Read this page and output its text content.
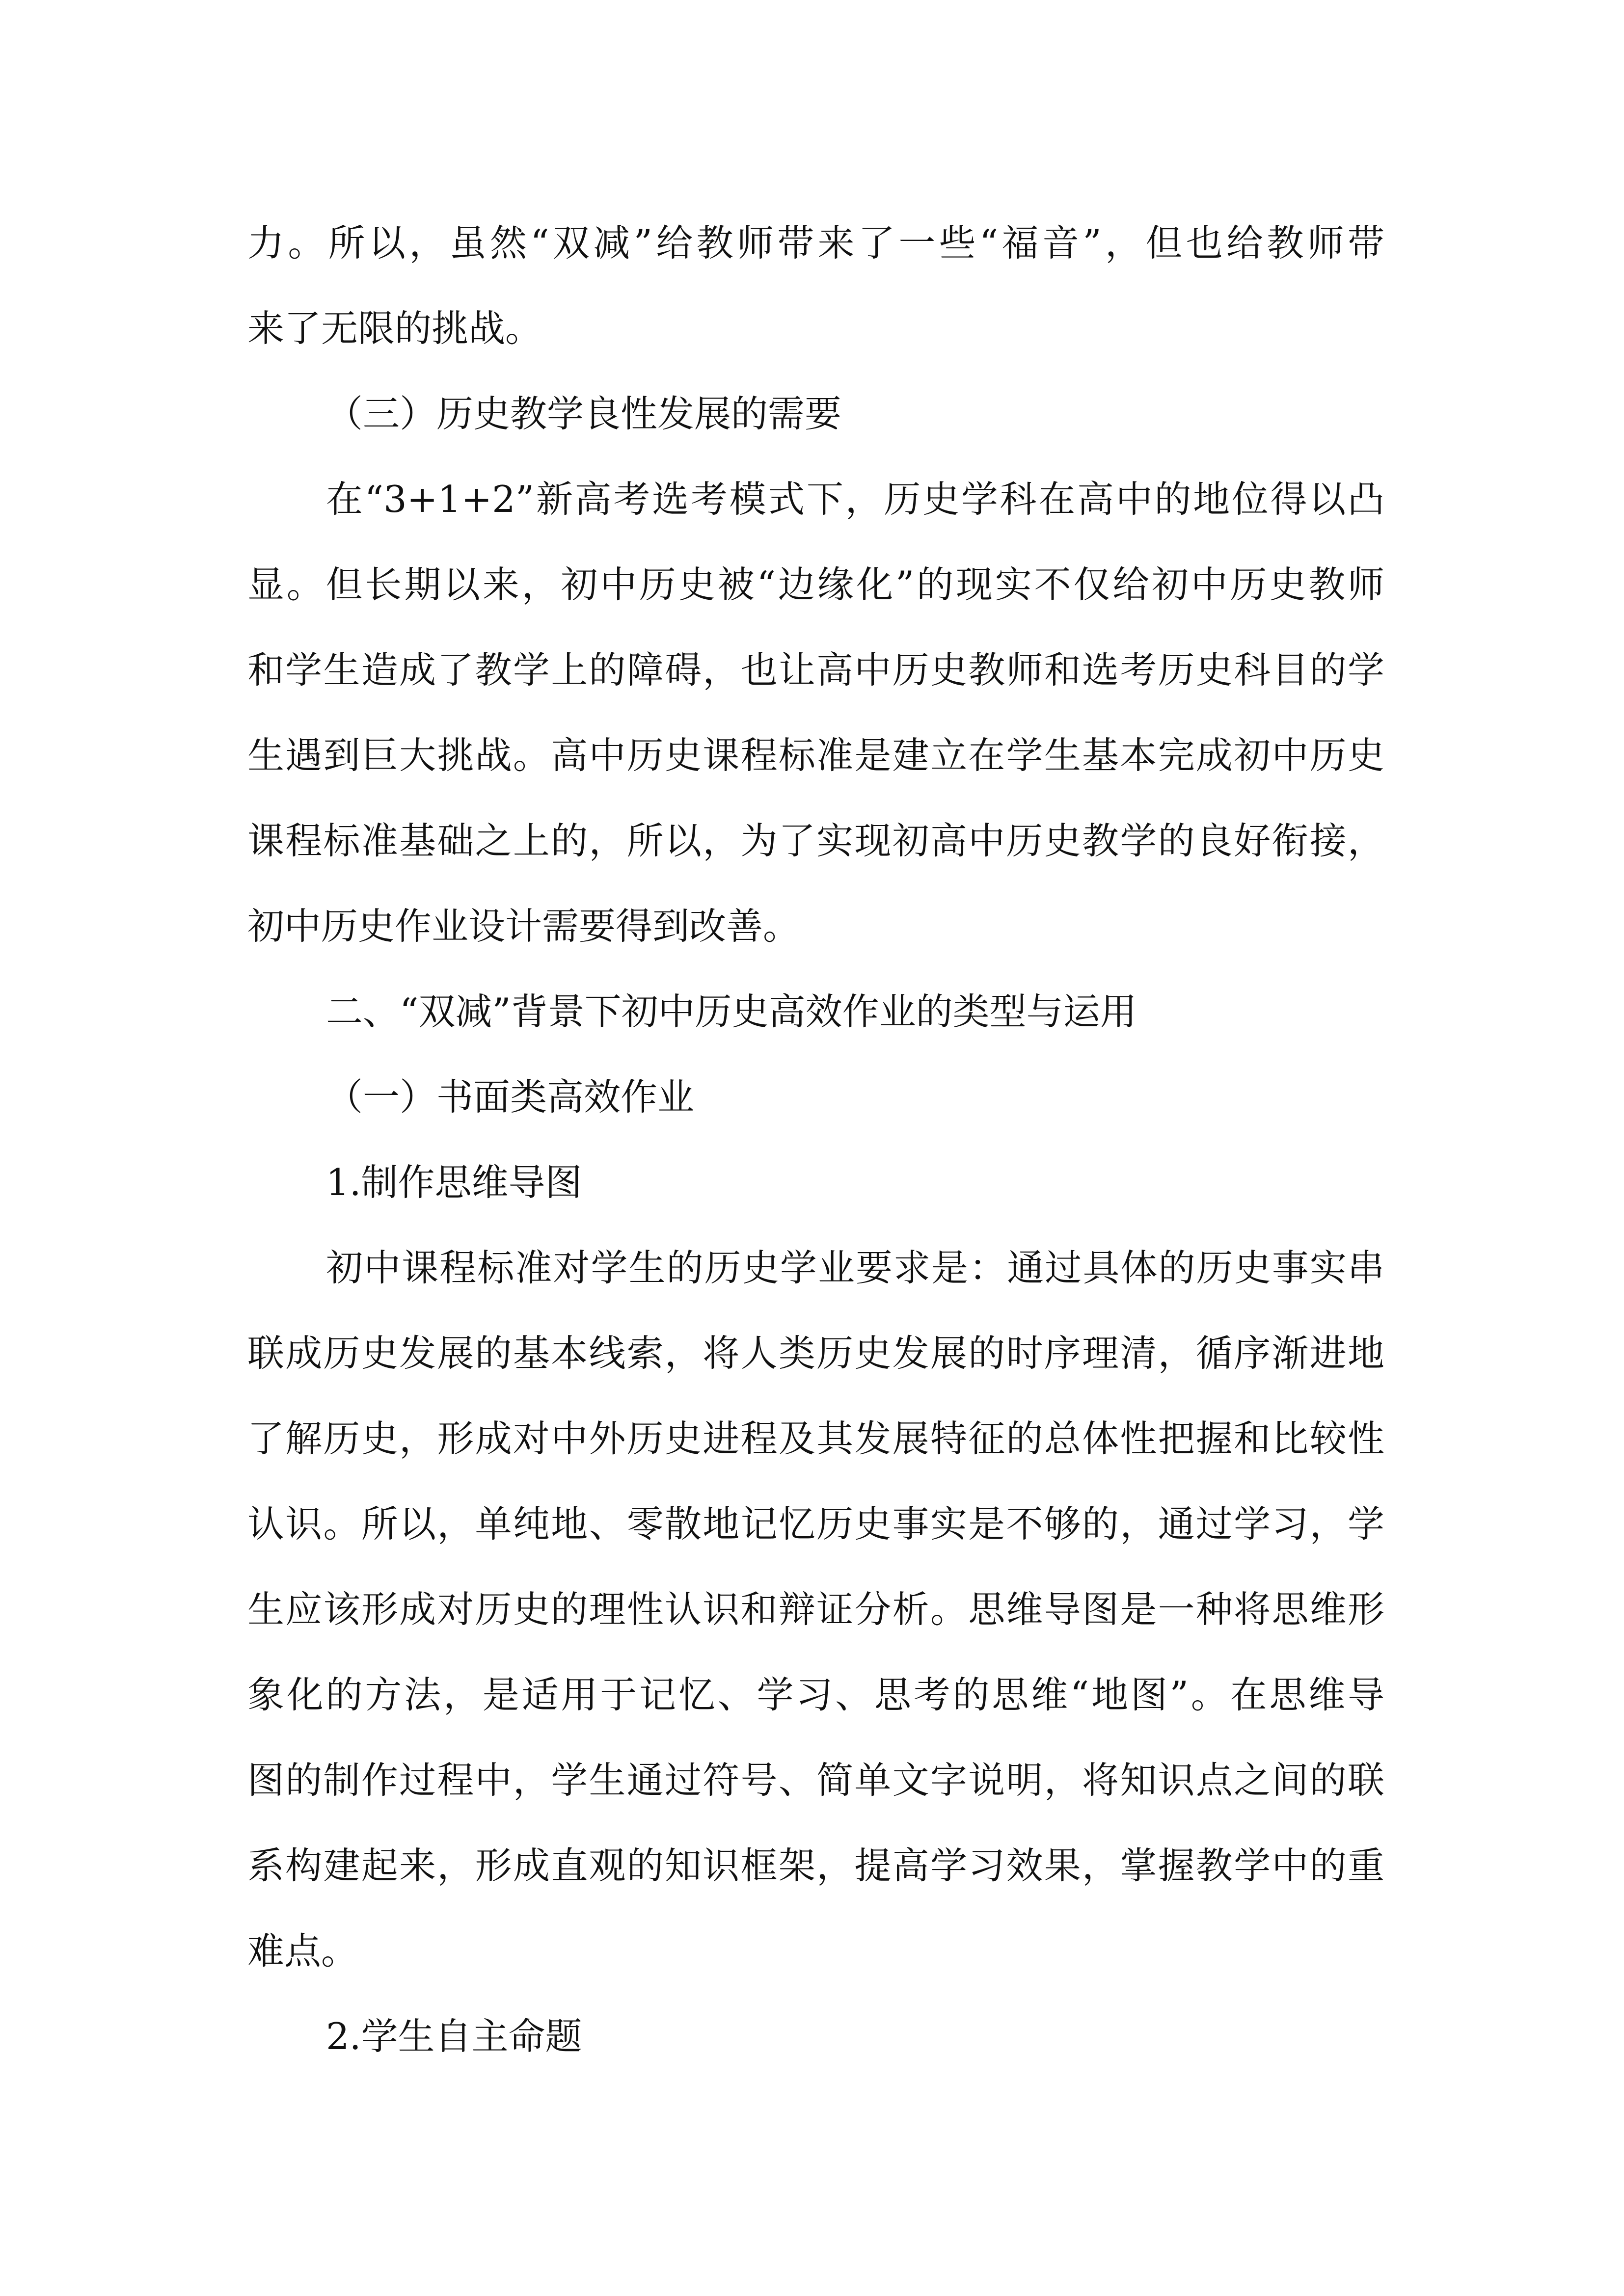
力。所以，虽然“双减”给教师带来了一些“福音”，但也给教师带
来了无限的挑战。
（三）历史教学良性发展的需要
在“3+1+2”新高考选考模式下，历史学科在高中的地位得以凸
显。但长期以来，初中历史被“边缘化”的现实不仅给初中历史教师
和学生造成了教学上的障碍，也让高中历史教师和选考历史科目的学
生遇到巨大挑战。高中历史课程标准是建立在学生基本完成初中历史
课程标准基础之上的，所以，为了实现初高中历史教学的良好衔接，
初中历史作业设计需要得到改善。
二、“双减”背景下初中历史高效作业的类型与运用
（一）书面类高效作业
1.制作思维导图
初中课程标准对学生的历史学业要求是：通过具体的历史事实串
联成历史发展的基本线索，将人类历史发展的时序理清，循序渐进地
了解历史，形成对中外历史进程及其发展特征的总体性把握和比较性
认识。所以，单纯地、零散地记忆历史事实是不够的，通过学习，学
生应该形成对历史的理性认识和辩证分析。思维导图是一种将思维形
象化的方法，是适用于记忆、学习、思考的思维“地图”。在思维导
图的制作过程中，学生通过符号、简单文字说明，将知识点之间的联
系构建起来，形成直观的知识框架，提高学习效果，掌握教学中的重
难点。
2.学生自主命题
